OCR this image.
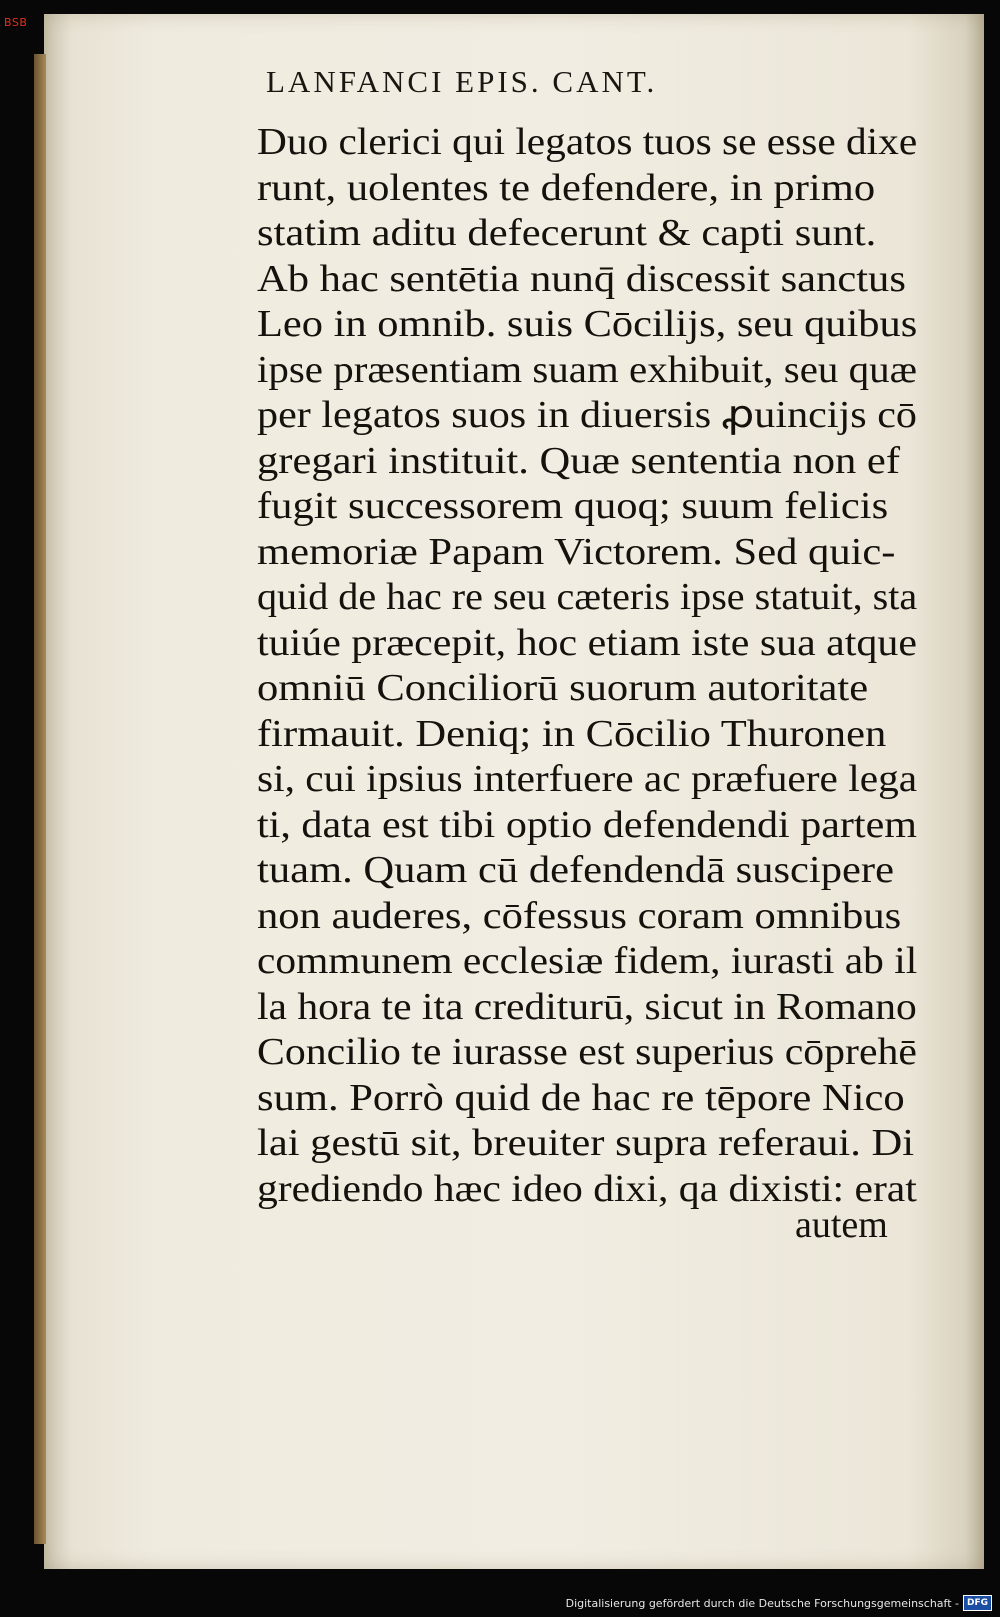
BSB
LANFANCI EPIS. CANT.
Duo clerici qui legatos tuos se esse dixe
runt, uolentes te defendere, in primo
statim aditu defecerunt & capti sunt.
Ab hac sentētia nunq̄ discessit sanctus
Leo in omnib. suis Cōcilijs, seu quibus
ipse præsentiam suam exhibuit, seu quæ
per legatos suos in diuersis ꝓuincijs cō
gregari instituit. Quæ sententia non ef
fugit successorem quoq; suum felicis
memoriæ Papam Victorem. Sed quic-
quid de hac re seu cæteris ipse statuit, sta
tuiúe præcepit, hoc etiam iste sua atque
omniū Conciliorū suorum autoritate
firmauit. Deniq; in Cōcilio Thuronen
si, cui ipsius interfuere ac præfuere lega
ti, data est tibi optio defendendi partem
tuam. Quam cū defendendā suscipere
non auderes, cōfessus coram omnibus
communem ecclesiæ fidem, iurasti ab il
la hora te ita crediturū, sicut in Romano
Concilio te iurasse est superius cōprehē
sum. Porrò quid de hac re tēpore Nico
lai gestū sit, breuiter supra referaui. Di
grediendo hæc ideo dixi, qa dixisti: erat
autem
Digitalisierung gefördert durch die Deutsche Forschungsgemeinschaft - DFG
